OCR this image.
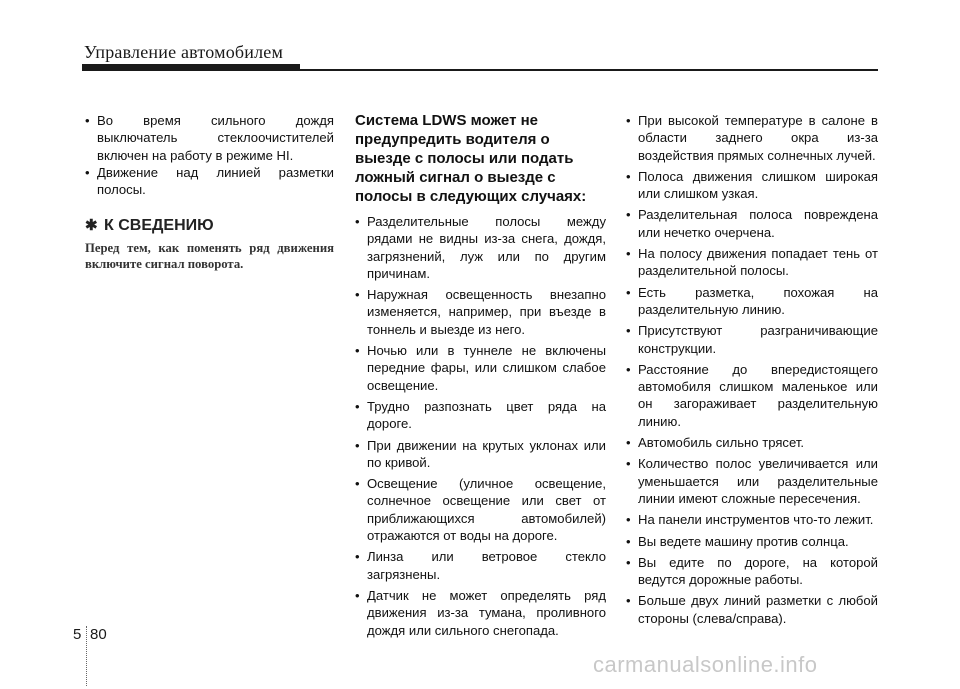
Управление автомобилем
• Во время сильного дождя выключатель стеклоочистителей включен на работу в режиме HI.
• Движение над линией разметки полосы.
✱ К СВЕДЕНИЮ
Перед тем, как поменять ряд движения включите сигнал поворота.
Система LDWS может не предупредить водителя о выезде с полосы или подать ложный сигнал о выезде с полосы в следующих случаях:
• Разделительные полосы между рядами не видны из-за снега, дождя, загрязнений, луж или по другим причинам.
• Наружная освещенность внезапно изменяется, например, при въезде в тоннель и выезде из него.
• Ночью или в туннеле не включены передние фары, или слишком слабое освещение.
• Трудно разпознать цвет ряда на дороге.
• При движении на крутых уклонах или по кривой.
• Освещение (уличное освещение, солнечное освещение или свет от приближающихся автомобилей) отражаются от воды на дороге.
• Линза или ветровое стекло загрязнены.
• Датчик не может определять ряд движения из-за тумана, проливного дождя или сильного снегопада.
• При высокой температуре в салоне в области заднего окра из-за воздействия прямых солнечных лучей.
• Полоса движения слишком широкая или слишком узкая.
• Разделительная полоса повреждена или нечетко очерчена.
• На полосу движения попадает тень от разделительной полосы.
• Есть разметка, похожая на разделительную линию.
• Присутствуют разграничивающие конструкции.
• Расстояние до впередистоящего автомобиля слишком маленькое или он загораживает разделительную линию.
• Автомобиль сильно трясет.
• Количество полос увеличивается или уменьшается или разделительные линии имеют сложные пересечения.
• На панели инструментов что-то лежит.
• Вы ведете машину против солнца.
• Вы едите по дороге, на которой ведутся дорожные работы.
• Больше двух линий разметки с любой стороны (слева/справа).
5 80
carmanualsonline.info
